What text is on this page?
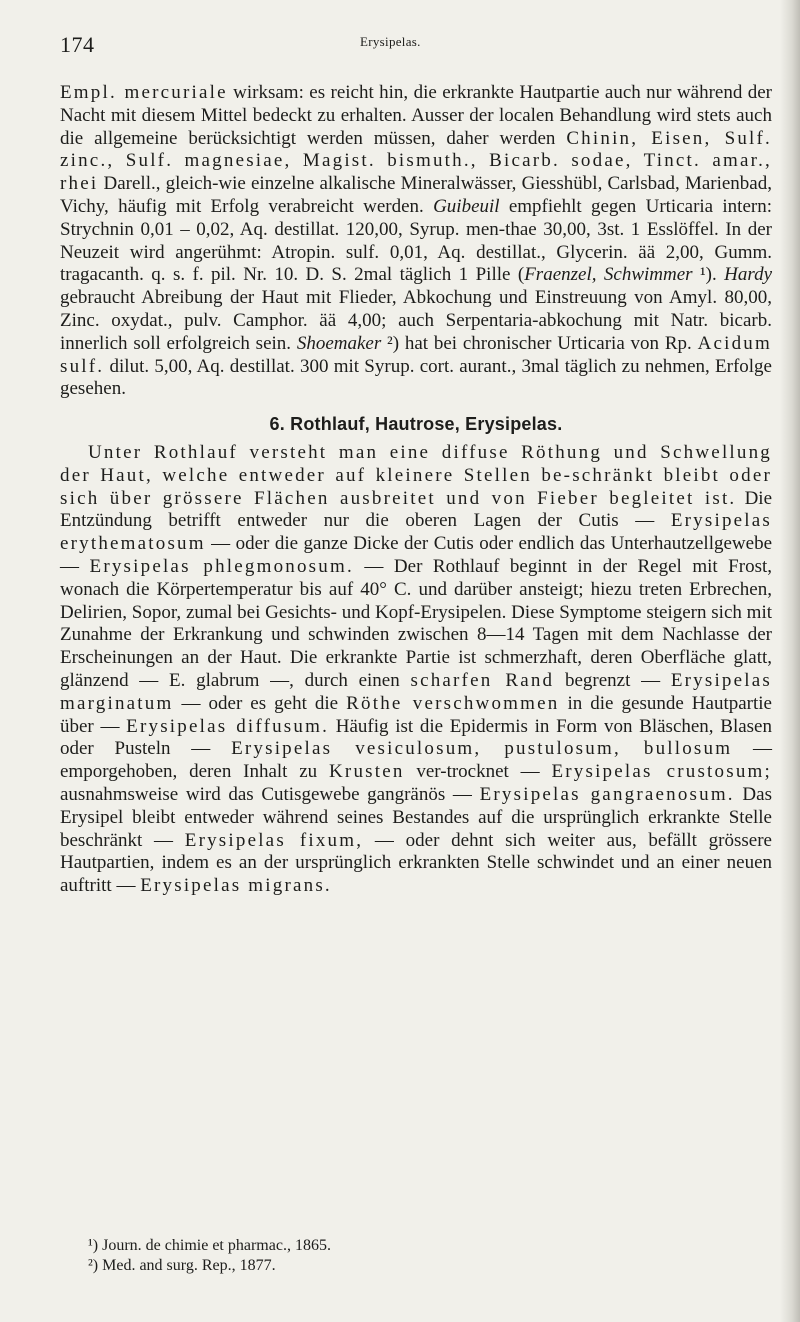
174	Erysipelas.

Empl. mercuriale wirksam: es reicht hin, die erkrankte Hautpartie auch nur während der Nacht mit diesem Mittel bedeckt zu erhalten. Ausser der localen Behandlung wird stets auch die allgemeine berücksichtigt werden müssen, daher werden Chinin, Eisen, Sulf. zinc., Sulf. magnesiae, Magist. bismuth., Bicarb. sodae, Tinct. amar., rhei Darell., gleich-wie einzelne alkalische Mineralwässer, Giesshübl, Carlsbad, Marienbad, Vichy, häufig mit Erfolg verabreicht werden. Guibeuil empfiehlt gegen Urticaria intern: Strychnin 0,01 – 0,02, Aq. destillat. 120,00, Syrup. men-thae 30,00, 3st. 1 Esslöffel. In der Neuzeit wird angerühmt: Atropin. sulf. 0,01, Aq. destillat., Glycerin. ää 2,00, Gumm. tragacanth. q. s. f. pil. Nr. 10. D. S. 2mal täglich 1 Pille (Fraenzel, Schwimmer ¹). Hardy gebraucht Abreibung der Haut mit Flieder, Abkochung und Einstreuung von Amyl. 80,00, Zinc. oxydat., pulv. Camphor. ää 4,00; auch Serpentaria-abkochung mit Natr. bicarb. innerlich soll erfolgreich sein. Shoemaker ²) hat bei chronischer Urticaria von Rp. Acidum sulf. dilut. 5,00, Aq. destillat. 300 mit Syrup. cort. aurant., 3mal täglich zu nehmen, Erfolge gesehen.

6. Rothlauf, Hautrose, Erysipelas.

Unter Rothlauf versteht man eine diffuse Röthung und Schwellung der Haut, welche entweder auf kleinere Stellen be-schränkt bleibt oder sich über grössere Flächen ausbreitet und von Fieber begleitet ist. Die Entzündung betrifft entweder nur die oberen Lagen der Cutis — Erysipelas erythematosum — oder die ganze Dicke der Cutis oder endlich das Unterhautzellgewebe — Erysipelas phlegmonosum. — Der Rothlauf beginnt in der Regel mit Frost, wonach die Körpertemperatur bis auf 40° C. und darüber ansteigt; hiezu treten Erbrechen, Delirien, Sopor, zumal bei Gesichts- und Kopf-Erysipelen. Diese Symptome steigern sich mit Zunahme der Erkrankung und schwinden zwischen 8—14 Tagen mit dem Nachlasse der Erscheinungen an der Haut. Die erkrankte Partie ist schmerzhaft, deren Oberfläche glatt, glänzend — E. glabrum —, durch einen scharfen Rand begrenzt — Erysipelas marginatum — oder es geht die Röthe verschwommen in die gesunde Hautpartie über — Erysipelas diffusum. Häufig ist die Epidermis in Form von Bläschen, Blasen oder Pusteln — Erysipelas vesiculosum, pustulosum, bullosum — emporgehoben, deren Inhalt zu Krusten ver-trocknet — Erysipelas crustosum; ausnahmsweise wird das Cutisgewebe gangränös — Erysipelas gangraenosum. Das Erysipel bleibt entweder während seines Bestandes auf die ursprünglich erkrankte Stelle beschränkt — Erysipelas fixum, — oder dehnt sich weiter aus, befällt grössere Hautpartien, indem es an der ursprünglich erkrankten Stelle schwindet und an einer neuen auftritt — Erysipelas migrans.

¹) Journ. de chimie et pharmac., 1865.

²) Med. and surg. Rep., 1877.
